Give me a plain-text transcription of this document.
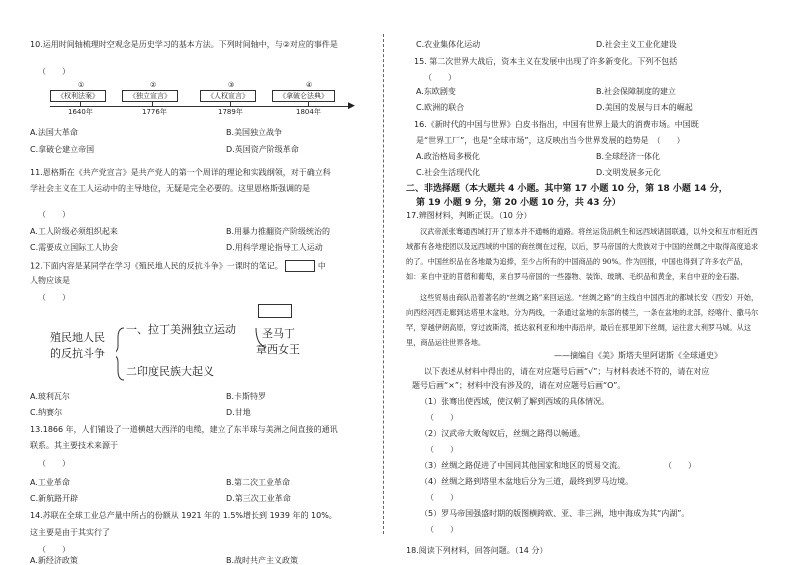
10.运用时间轴梳理时空观念是历史学习的基本方法。下列时间轴中，与②对应的事件是
（　　）
▶
《权利法案》	《独立宣言》	《人权宣言》	《拿破仑法典》
①	②	③	④
1640年	1776年	1789年	1804年
A.法国大革命	B.美国独立战争
C.拿破仑建立帝国	D.英国资产阶级革命
11.恩格斯在《共产党宣言》是共产党人的第一个周详的理论和实践纲领，对于确立科
学社会主义在工人运动中的主导地位，无疑是完全必要的。这里恩格斯强调的是
（　　）
A.工人阶级必须组织起来	B.用暴力推翻资产阶级统治的
C.需要成立国际工人协会	D.用科学理论指导工人运动
12.下面内容是某同学在学习《殖民地人民的反抗斗争》一课时的笔记。	中
人物应该是
（　　）
殖民地人民
的反抗斗争
一、拉丁美洲独立运动
二印度民族大起义
圣马丁
章西女王
A.玻利瓦尔	B.卡斯特罗
C.纳赛尔	D.甘地
13.1866 年，人们铺设了一道横越大西洋的电缆，建立了东半球与美洲之间直接的通讯
联系。其主要技术来源于
（　　）
A.工业革命	B.第二次工业革命
C.新航路开辟	D.第三次工业革命
14.苏联在全球工业总产量中所占的份额从 1921 年的 1.5%增长到 1939 年的 10%。
这主要是由于其实行了
（　　）
A.新经济政策	B.战时共产主义政策
C.农业集体化运动	D.社会主义工业化建设
15. 第二次世界大战后，资本主义在发展中出现了许多新变化。下列不包括
（　　）
A.东欧剧变	B.社会保障制度的建立
C.欧洲的联合	D.美国的发展与日本的崛起
16.《新时代的中国与世界》白皮书指出，中国有世界上最大的消费市场。中国既
是“世界工厂”，也是“全球市场”，这反映出当今世界发展的趋势是　（　　）
A.政治格局多极化	B.全球经济一体化
C.社会生活现代化	D.文明发展多元化
二、非选择题（本大题共 4 小题。其中第 17 小题 10 分，第 18 小题 14 分，
第 19 小题 9 分，第 20 小题 10 分，共 43 分）
17.辨图材料，判断正误。（10 分）
汉武帝派张骞通西域打开了原本并不通畅的道路。将丝运货品帆生和远西域诸国联通，以外交和互市相近西域都有各地使团以及远西域的中国的商丝绸在过程，以后，罗马帝国的大贵族对于中国的丝绸之中取得高度追求的了。中国丝织品在各地最为追捧，至少占所有的中国商品的 90%。作为回报，中国也得到了许多农产品，如：来自中亚的苜蓿和葡萄，来自罗马帝国的一些器物、装饰、玻璃、毛织品和黄金，来自中亚的金石器。
这些贸易由商队沿着著名的“丝绸之路”来回运送。“丝绸之路”的主线自中国西北的都城长安（西安）开始，向西经河西走廊到达塔里木盆地。分为两线，一条通过盆地的东部的楼兰，一条在盆地的北部，经喀什、撒马尔罕，穿越伊朗高原，穿过波斯湾，抵达叙利亚和地中海沿岸，最后在那里卸下丝绸，运往意大利罗马城。从这里，商品运往世界各地。
——摘编自《美》斯塔夫里阿诺斯《全球通史》
以下表述从材料中得出的，请在对应题号后画“√”；与材料表述不符的，请在对应
题号后画“×”；材料中没有涉及的，请在对应题号后画“O”。
（1）张骞出使西域，使汉朝了解到西域的具体情况。
（　　）
（2）汉武帝大败匈奴后，丝绸之路得以畅通。
（　　）
（3）丝绸之路促进了中国同其他国家和地区的贸易交流。	（　　）
（4）丝绸之路到塔里木盆地后分为三道，最终到罗马边境。
（　　）
（5）罗马帝国强盛时期的版图横跨欧、亚、非三洲，地中海成为其“内湖”。
（　　）
18.阅读下列材料，回答问题。（14 分）
